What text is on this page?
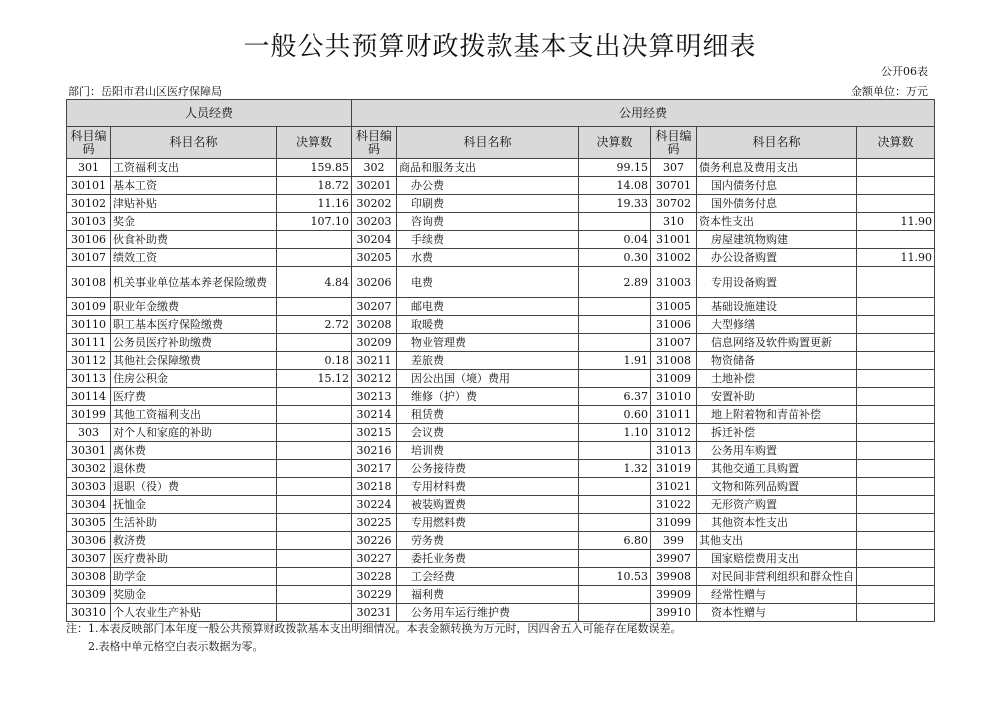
一般公共预算财政拨款基本支出决算明细表
公开06表
部门：岳阳市君山区医疗保障局	金额单位：万元
人员经费			公用经费					
科目编码	科目名称	决算数	科目编码	科目名称	决算数	科目编码	科目名称	决算数
301	工资福利支出	159.85	302	商品和服务支出	99.15	307	债务利息及费用支出	
30101	基本工资	18.72	30201	办公费	14.08	30701	国内债务付息	
30102	津贴补贴	11.16	30202	印刷费	19.33	30702	国外债务付息	
30103	奖金	107.10	30203	咨询费		310	资本性支出	11.90
30106	伙食补助费		30204	手续费	0.04	31001	房屋建筑物购建	
30107	绩效工资		30205	水费	0.30	31002	办公设备购置	11.90
30108	机关事业单位基本养老保险缴费	4.84	30206	电费	2.89	31003	专用设备购置	
30109	职业年金缴费		30207	邮电费		31005	基础设施建设	
30110	职工基本医疗保险缴费	2.72	30208	取暖费		31006	大型修缮	
30111	公务员医疗补助缴费		30209	物业管理费		31007	信息网络及软件购置更新	
30112	其他社会保障缴费	0.18	30211	差旅费	1.91	31008	物资储备	
30113	住房公积金	15.12	30212	因公出国（境）费用		31009	土地补偿	
30114	医疗费		30213	维修（护）费	6.37	31010	安置补助	
30199	其他工资福利支出		30214	租赁费	0.60	31011	地上附着物和青苗补偿	
303	对个人和家庭的补助		30215	会议费	1.10	31012	拆迁补偿	
30301	离休费		30216	培训费		31013	公务用车购置	
30302	退休费		30217	公务接待费	1.32	31019	其他交通工具购置	
30303	退职（役）费		30218	专用材料费		31021	文物和陈列品购置	
30304	抚恤金		30224	被装购置费		31022	无形资产购置	
30305	生活补助		30225	专用燃料费		31099	其他资本性支出	
30306	救济费		30226	劳务费	6.80	399	其他支出	
30307	医疗费补助		30227	委托业务费		39907	国家赔偿费用支出	
30308	助学金		30228	工会经费	10.53	39908	对民间非营利组织和群众性自	
30309	奖励金		30229	福利费		39909	经常性赠与	
30310	个人农业生产补贴		30231	公务用车运行维护费		39910	资本性赠与	
注：1.本表反映部门本年度一般公共预算财政拨款基本支出明细情况。本表金额转换为万元时，因四舍五入可能存在尾数误差。
2.表格中单元格空白表示数据为零。
